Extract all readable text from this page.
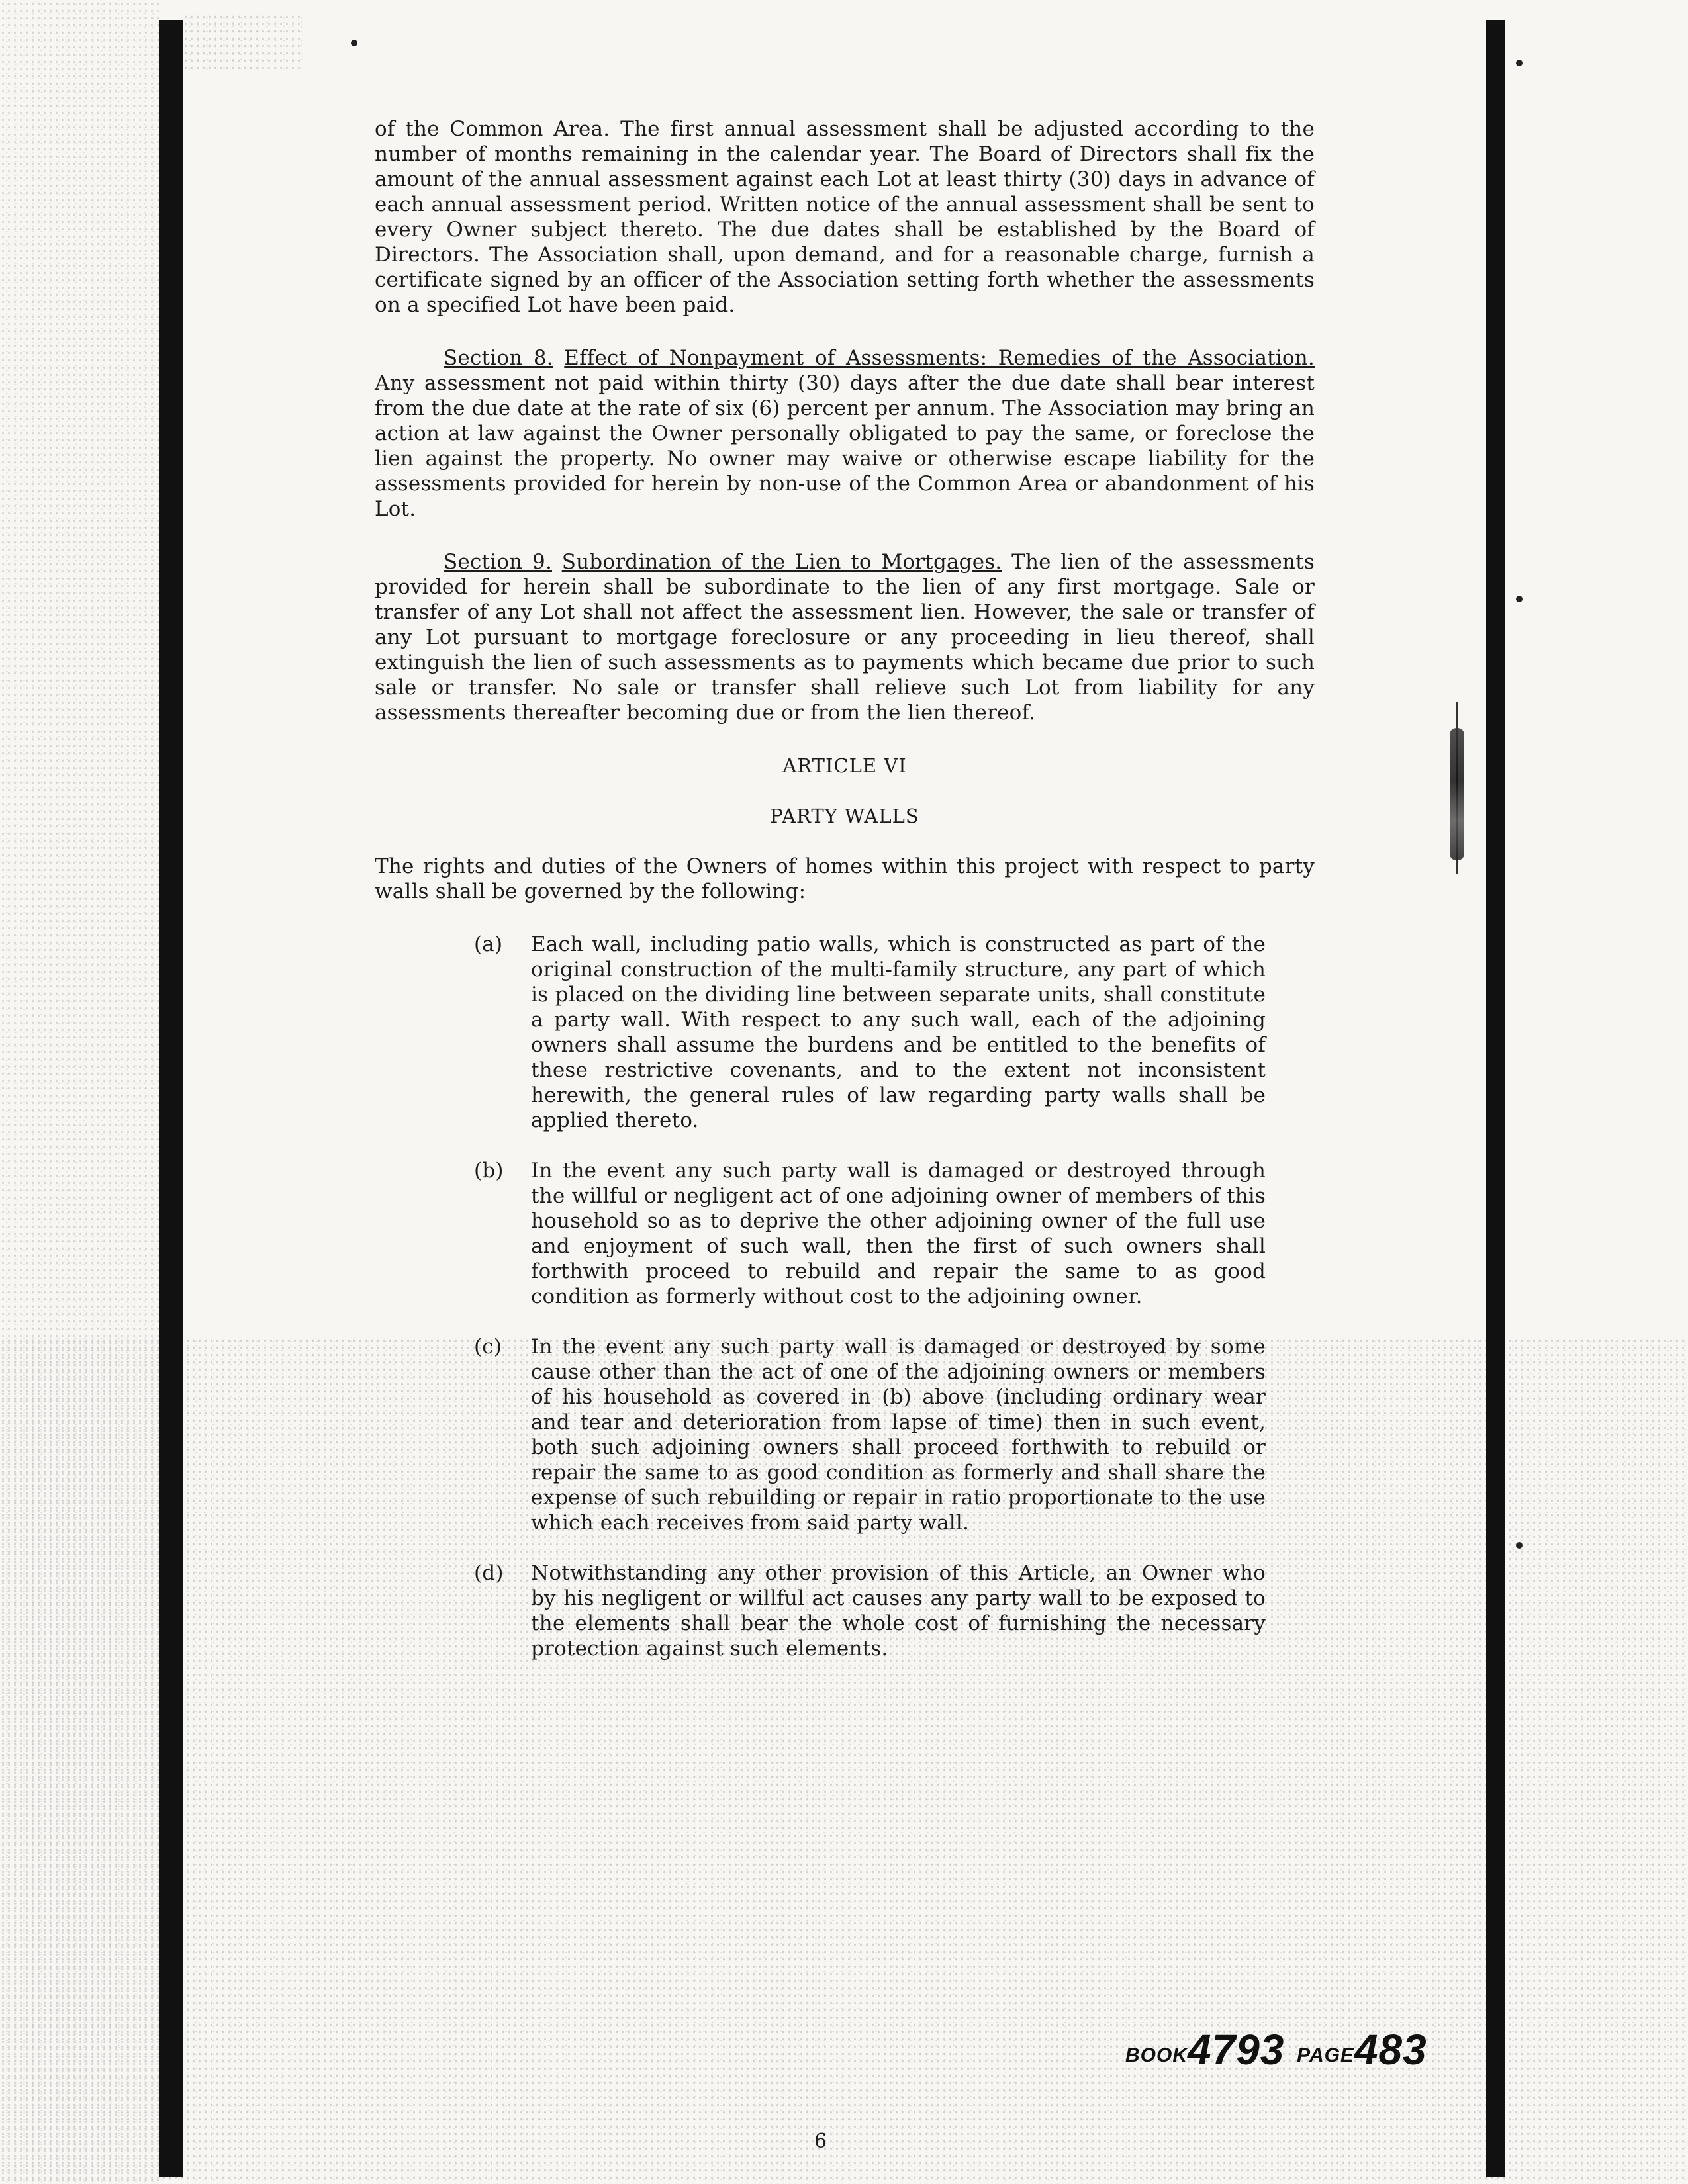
of the Common Area. The first annual assessment shall be adjusted according to the number of months remaining in the calendar year. The Board of Directors shall fix the amount of the annual assessment against each Lot at least thirty (30) days in advance of each annual assessment period. Written notice of the annual assessment shall be sent to every Owner subject thereto. The due dates shall be established by the Board of Directors. The Association shall, upon demand, and for a reasonable charge, furnish a certificate signed by an officer of the Association setting forth whether the assessments on a specified Lot have been paid.

Section 8. Effect of Nonpayment of Assessments: Remedies of the Association. Any assessment not paid within thirty (30) days after the due date shall bear interest from the due date at the rate of six (6) percent per annum. The Association may bring an action at law against the Owner personally obligated to pay the same, or foreclose the lien against the property. No owner may waive or otherwise escape liability for the assessments provided for herein by non-use of the Common Area or abandonment of his Lot.

Section 9. Subordination of the Lien to Mortgages. The lien of the assessments provided for herein shall be subordinate to the lien of any first mortgage. Sale or transfer of any Lot shall not affect the assessment lien. However, the sale or transfer of any Lot pursuant to mortgage foreclosure or any proceeding in lieu thereof, shall extinguish the lien of such assessments as to payments which became due prior to such sale or transfer. No sale or transfer shall relieve such Lot from liability for any assessments thereafter becoming due or from the lien thereof.

ARTICLE VI
PARTY WALLS

The rights and duties of the Owners of homes within this project with respect to party walls shall be governed by the following:

(a)	Each wall, including patio walls, which is constructed as part of the original construction of the multi-family structure, any part of which is placed on the dividing line between separate units, shall constitute a party wall. With respect to any such wall, each of the adjoining owners shall assume the burdens and be entitled to the benefits of these restrictive covenants, and to the extent not inconsistent herewith, the general rules of law regarding party walls shall be applied thereto.
(b)	In the event any such party wall is damaged or destroyed through the willful or negligent act of one adjoining owner of members of this household so as to deprive the other adjoining owner of the full use and enjoyment of such wall, then the first of such owners shall forthwith proceed to rebuild and repair the same to as good condition as formerly without cost to the adjoining owner.
(c)	In the event any such party wall is damaged or destroyed by some cause other than the act of one of the adjoining owners or members of his household as covered in (b) above (including ordinary wear and tear and deterioration from lapse of time) then in such event, both such adjoining owners shall proceed forthwith to rebuild or repair the same to as good condition as formerly and shall share the expense of such rebuilding or repair in ratio proportionate to the use which each receives from said party wall.
(d)	Notwithstanding any other provision of this Article, an Owner who by his negligent or willful act causes any party wall to be exposed to the elements shall bear the whole cost of furnishing the necessary protection against such elements.
BOOK4793 PAGE483
6
